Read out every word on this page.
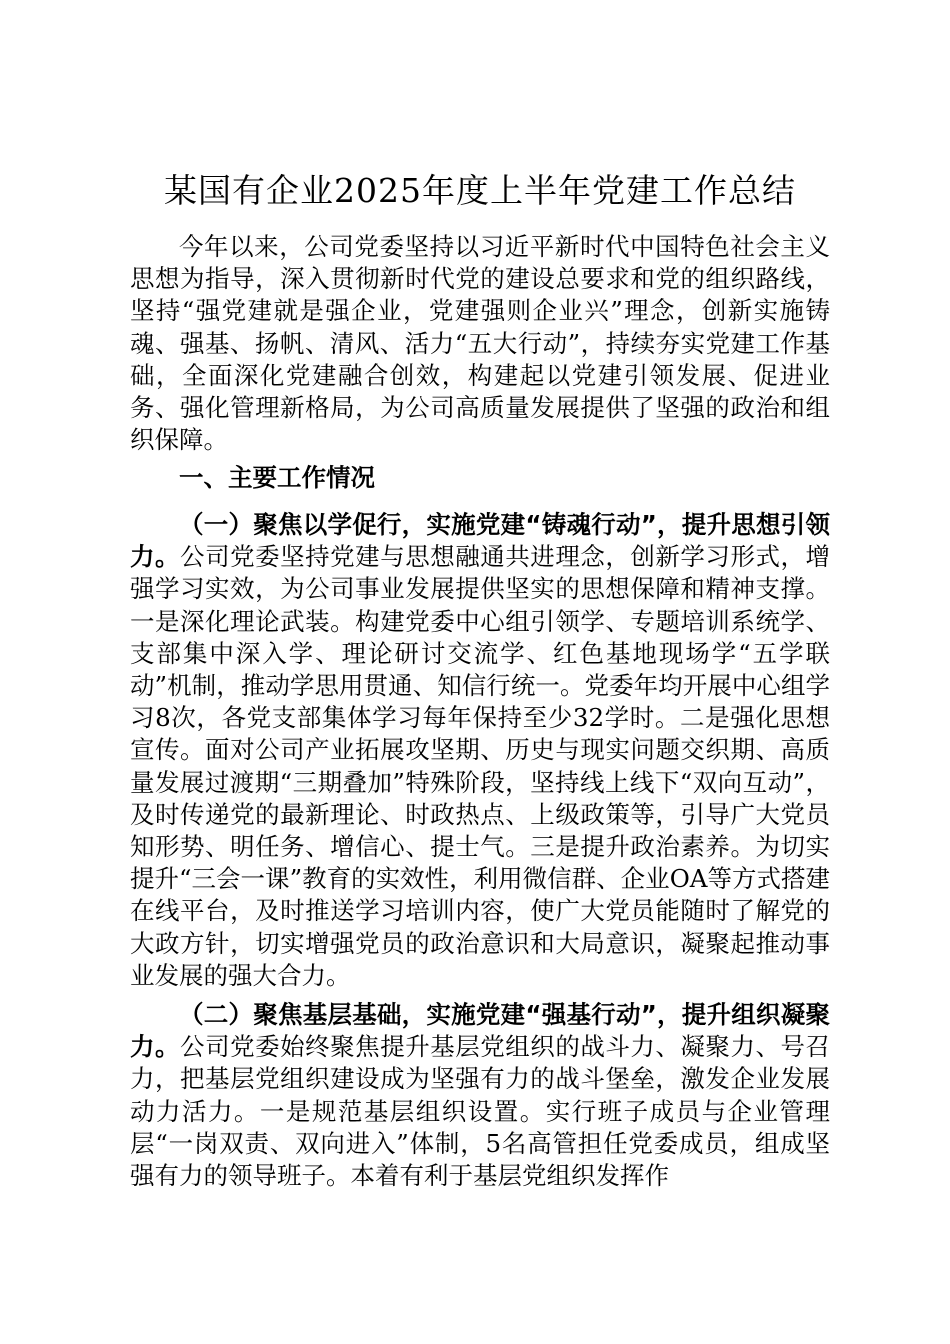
某国有企业2025年度上半年党建工作总结

今年以来，公司党委坚持以习近平新时代中国特色社会主义思想为指导，深入贯彻新时代党的建设总要求和党的组织路线，坚持“强党建就是强企业，党建强则企业兴”理念，创新实施铸魂、强基、扬帆、清风、活力“五大行动”，持续夯实党建工作基础，全面深化党建融合创效，构建起以党建引领发展、促进业务、强化管理新格局，为公司高质量发展提供了坚强的政治和组织保障。

一、主要工作情况

（一）聚焦以学促行，实施党建“铸魂行动”，提升思想引领力。公司党委坚持党建与思想融通共进理念，创新学习形式，增强学习实效，为公司事业发展提供坚实的思想保障和精神支撑。一是深化理论武装。构建党委中心组引领学、专题培训系统学、支部集中深入学、理论研讨交流学、红色基地现场学“五学联动”机制，推动学思用贯通、知信行统一。党委年均开展中心组学习8次，各党支部集体学习每年保持至少32学时。二是强化思想宣传。面对公司产业拓展攻坚期、历史与现实问题交织期、高质量发展过渡期“三期叠加”特殊阶段，坚持线上线下“双向互动”，及时传递党的最新理论、时政热点、上级政策等，引导广大党员知形势、明任务、增信心、提士气。三是提升政治素养。为切实提升“三会一课”教育的实效性，利用微信群、企业OA等方式搭建在线平台，及时推送学习培训内容，使广大党员能随时了解党的大政方针，切实增强党员的政治意识和大局意识，凝聚起推动事业发展的强大合力。

（二）聚焦基层基础，实施党建“强基行动”，提升组织凝聚力。公司党委始终聚焦提升基层党组织的战斗力、凝聚力、号召力，把基层党组织建设成为坚强有力的战斗堡垒，激发企业发展动力活力。一是规范基层组织设置。实行班子成员与企业管理层“一岗双责、双向进入”体制，5名高管担任党委成员，组成坚强有力的领导班子。本着有利于基层党组织发挥作
